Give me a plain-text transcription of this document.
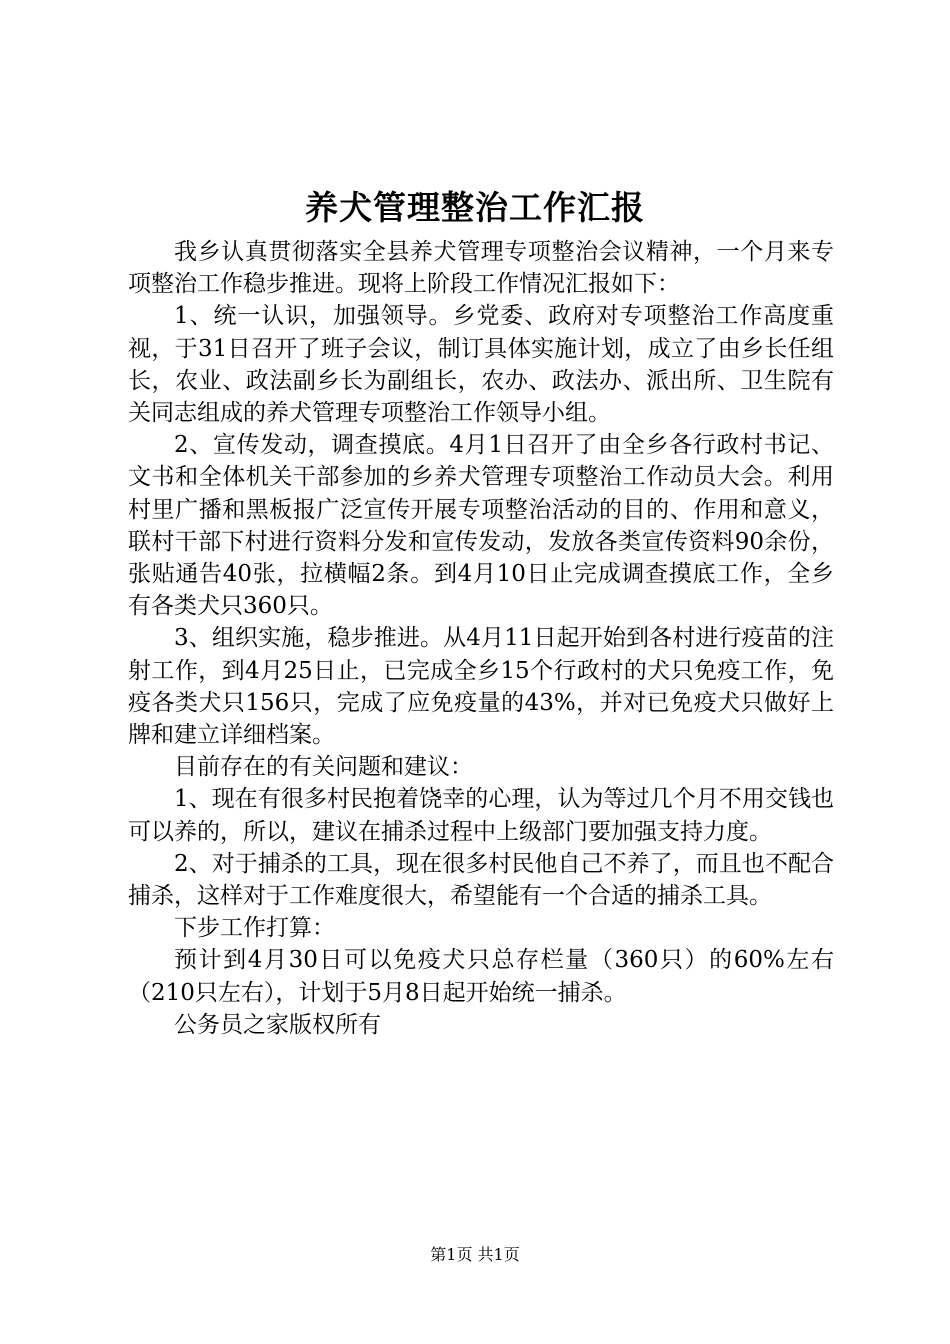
养犬管理整治工作汇报

我乡认真贯彻落实全县养犬管理专项整治会议精神，一个月来专项整治工作稳步推进。现将上阶段工作情况汇报如下：

1、统一认识，加强领导。乡党委、政府对专项整治工作高度重视，于31日召开了班子会议，制订具体实施计划，成立了由乡长任组长，农业、政法副乡长为副组长，农办、政法办、派出所、卫生院有关同志组成的养犬管理专项整治工作领导小组。

2、宣传发动，调查摸底。4月1日召开了由全乡各行政村书记、文书和全体机关干部参加的乡养犬管理专项整治工作动员大会。利用村里广播和黑板报广泛宣传开展专项整治活动的目的、作用和意义，联村干部下村进行资料分发和宣传发动，发放各类宣传资料90余份，张贴通告40张，拉横幅2条。到4月10日止完成调查摸底工作，全乡有各类犬只360只。

3、组织实施，稳步推进。从4月11日起开始到各村进行疫苗的注射工作，到4月25日止，已完成全乡15个行政村的犬只免疫工作，免疫各类犬只156只，完成了应免疫量的43%，并对已免疫犬只做好上牌和建立详细档案。

目前存在的有关问题和建议：

1、现在有很多村民抱着饶幸的心理，认为等过几个月不用交钱也可以养的，所以，建议在捕杀过程中上级部门要加强支持力度。

2、对于捕杀的工具，现在很多村民他自己不养了，而且也不配合捕杀，这样对于工作难度很大，希望能有一个合适的捕杀工具。

下步工作打算：

预计到4月30日可以免疫犬只总存栏量（360只）的60%左右（210只左右），计划于5月8日起开始统一捕杀。

公务员之家版权所有

第1页 共1页
